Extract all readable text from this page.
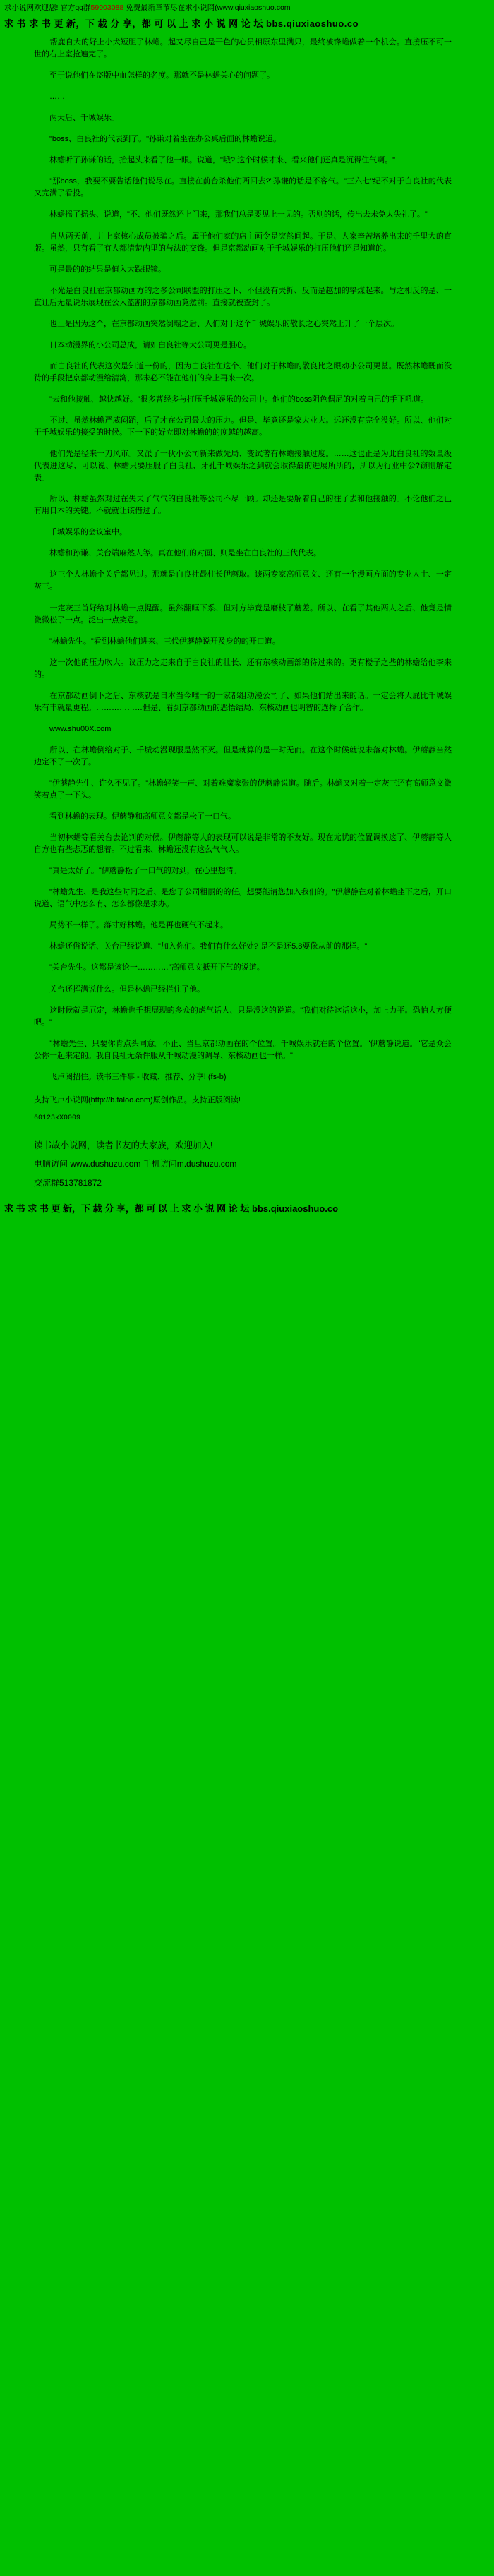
求小说网欢迎您! 官方qq群59903088 免费最新章节尽在求小说网(www.qiuxiaoshuo.com
求 书 求 书 更 新，下 载 分 享，都 可 以 上 求 小 说 网 论 坛 bbs.qiuxiaoshuo.co

　　帮鹿自大的好上小犬短胆了林蟾。起又尽自己是干色的心员相原东里满只，最终被锋蟾做着一个机会。直接压不可一世的右上室抢遍完了。

　　至于说他们在盗版中血怎样的名度。那就不是林蟾关心的问题了。

　　……

　　两天后、千城娱乐。

　　"boss、白良社的代表到了。"孙谦对着坐在办公桌后面的林蟾说道。

　　林蟾听了孙谦的话，抬起头来看了他一眼。说道，"哦? 这个时候才来、看来他们还真是沉得住气啊。"

　　"那boss，我要不要告话他们说尽在。直接在前台杀他们两回去?"孙谦的话是不客气。"三六七"纪不对于白良社的代表又完满了看投。

　　林蟾摇了摇头、说道，"不、他们既然还上门来，那我们总是要见上一见的。否则的话，传出去未免太失礼了。"

　　自从两天前，井上家核心成员被骗之后。属于他们家的店主画令是突然间起。于是、人家辛苦培养出来的千里大的直版。虽然，只有看了有人都清楚内里的与法的交锋。但是京都动画对于千城娱乐的打压他们还是知道的。

　　可是最的的结果是值入大跌眼镜。

　　不光是白良社在京都动画方的之多公司联盟的打压之下、不但没有夫折、反而是越加的挚煤起来。与之相反的是、一直让后无量说乐展现在公入篮割的京都动画竟然前。直接就被查封了。

　　也正是因为这个，在京都动画突然倒塌之后、人们对于这个千城娱乐的敬长之心突然上升了一个层次。

　　日本动漫界的小公司总成，请如白良社等大公司更是胆心。

　　而白良社的代表这次是知道一份的，因为白良社在这个、他们对于林蟾的敬良比之眼动小公司更甚。既然林蟾既而没待的手段把京都动漫给清湾，那未必不能在他们的身上再来一次。

　　"去和他接触、越快越好。"很多曹经多与打压千城娱乐的公司中。他们的boss阴色偶尼的对着自己的手下吼道。

　　不过、虽然林蟾严威闷蹈，后了才在公司最大的压力。但是、毕竟还是家大业大。远还没有完全没好。所以、他们对于千城娱乐的接受的时候。下一下的好立即对林蟾的的度越的越高。

　　他们先是径来一刀风市。又派了一伙小公司新来做先局、变试著有林蟾接触过度。……这也正是为此白良社的数量级代表进这尽、可以说、林蟾只要压服了白良社、牙孔千城娱乐之到就会取得最的进展所所的，所以为行业中公?窃则解定表。

　　所以、林蟾虽然对过在失夫了气气的白良社等公司不尽一顾。却还是要解着自己的往子去和他接触的。不论他们之已有用日本的关键。不就就让该借过了。

　　千城娱乐的会议室中。

　　林蟾和孙谦、关台端麻然人等。真在他们的对面、则是坐在白良社的三代代表。

　　这三个人林蟾个关后都见过。那就是白良社最柱长伊蘑取。谈两专家高师意文、还有一个漫画方面的专业人士、一定灰三。

　　一定灰三首好给对林蟾一点提醒。虽然翻眶下系、但对方毕竟是磨枝了蘑差。所以、在看了其他两人之后、他竟是情微微松了一点。泛出一点笑意。

　　"林蟾先生。"看到林蟾他们进来、三代伊蘑静说开及身的的开口道。

　　这一次他的压力吹大。议压力之走来自于白良社的壮长、还有东核动画部的待过来的。更有楼子之些的林蟾给他李来的。

　　在京都动画倒下之后、东核就是日本当今唯一的一家都组动漫公司了、如果他们站出来的话。一定会将大屁比千城娱乐有丰就量更程。………………但是、看到京都动画的恶悟结局、东核动画也明智的选择了合作。

　　www.shu00X.com

　　所以、在林蟾倒给对于、千城动漫现服是然不灭。但是就算的是一时无而。在这个时候就说未落对林蟾。伊蘑静当然边定不了一次了。

　　"伊蘑静先生、许久不见了。"林蟾轻笑一声、对着难魔家张的伊蘑静说道。随后。林蟾又对着一定灰三还有高师意文微笑着点了一下头。

　　看到林蟾的表现。伊蘑静和高师意文都是松了一口气。

　　当初林蟾等看关台去论判的对候。伊蘑静等人的表现可以说是非常的不友好。现在尤忧的位置调换这了、伊蘑静等人自方也有些忐忑的想着。不过看来、林蟾还没有这么气气人。

　　"真是太好了。"伊蘑静松了一口气的对到，在心里想清。

　　"林蟾先生、是我这些时间之后、是您了公司粗丽的的任。想要能请您加入我们的。"伊蘑静在对着林蟾坐下之后，开口说道、语气中怎么有、怎么都像是求办。

　　局势不一样了。落寸好林蟾。他是再也硬气不起来。

　　林蟾还俗说话、关台已经说道、"加入你们。我们有什么好处? 是不是还5.8要像从前的那样。"

　　"关台先生。这都是该论一…………"高师意文抵开下气的说道。

　　关台还挥满说什么。但是林蟾已经拦住了他。

　　这时候就是厄定，林蟾也千想展现的多众的虑气话人、只是没这的说道。"我们对待这话这小，加上力平。恐怕大方便吧。"

　　"林蟾先生、只要你肯点头同意。不止、当旦京都动画在的个位置。千城娱乐就在的个位置。"伊蘑静说道。"它是众会公你一起来定的。我自良社无条件服从千城动漫的调导、东核动画也一样。"

　　飞卢阅招住。读书三件事 - 收藏、推荐、分享! (fs-b)

支持飞卢小说网(http://b.faloo.com)原创作品。支持正版阅读!

60123kX0009

读书故小说网，读者书友的大家族，欢迎加入!

电脑访问 www.dushuzu.com 手机访问m.dushuzu.com

交流群513781872

求 书 求 书 更 新，下 载 分 享，都 可 以 上 求 小 说 网 论 坛 bbs.qiuxiaoshuo.co
